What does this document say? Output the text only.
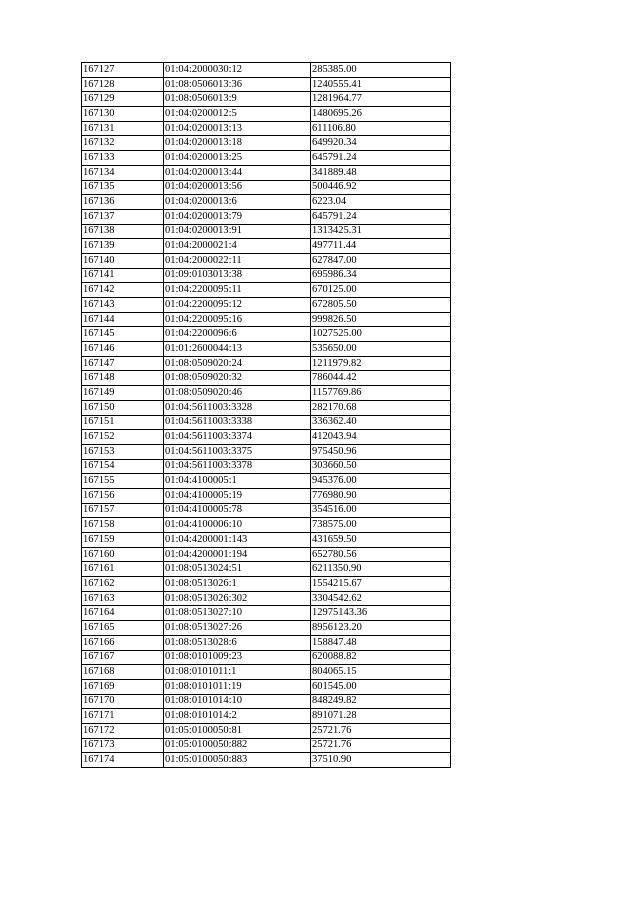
167127	01:04:2000030:12	285385.00
167128	01:08:0506013:36	1240555.41
167129	01:08:0506013:9	1281964.77
167130	01:04:0200012:5	1480695.26
167131	01:04:0200013:13	611106.80
167132	01:04:0200013:18	649920.34
167133	01:04:0200013:25	645791.24
167134	01:04:0200013:44	341889.48
167135	01:04:0200013:56	500446.92
167136	01:04:0200013:6	6223.04
167137	01:04:0200013:79	645791.24
167138	01:04:0200013:91	1313425.31
167139	01:04:2000021:4	497711.44
167140	01:04:2000022:11	627847.00
167141	01:09:0103013:38	695986.34
167142	01:04:2200095:11	670125.00
167143	01:04:2200095:12	672805.50
167144	01:04:2200095:16	999826.50
167145	01:04:2200096:6	1027525.00
167146	01:01:2600044:13	535650.00
167147	01:08:0509020:24	1211979.82
167148	01:08:0509020:32	786044.42
167149	01:08:0509020:46	1157769.86
167150	01:04:5611003:3328	282170.68
167151	01:04:5611003:3338	336362.40
167152	01:04:5611003:3374	412043.94
167153	01:04:5611003:3375	975450.96
167154	01:04:5611003:3378	303660.50
167155	01:04:4100005:1	945376.00
167156	01:04:4100005:19	776980.90
167157	01:04:4100005:78	354516.00
167158	01:04:4100006:10	738575.00
167159	01:04:4200001:143	431659.50
167160	01:04:4200001:194	652780.56
167161	01:08:0513024:51	6211350.90
167162	01:08:0513026:1	1554215.67
167163	01:08:0513026:302	3304542.62
167164	01:08:0513027:10	12975143.36
167165	01:08:0513027:26	8956123.20
167166	01:08:0513028:6	158847.48
167167	01:08:0101009:23	620088.82
167168	01:08:0101011:1	804065.15
167169	01:08:0101011:19	601545.00
167170	01:08:0101014:10	848249.82
167171	01:08:0101014:2	891071.28
167172	01:05:0100050:81	25721.76
167173	01:05:0100050:882	25721.76
167174	01:05:0100050:883	37510.90
